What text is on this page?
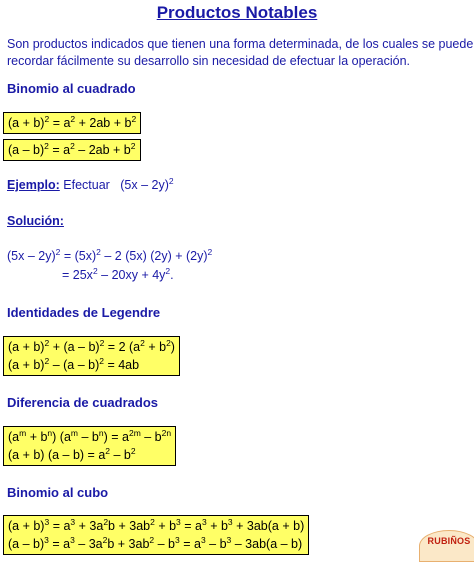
Productos Notables
Son productos indicados que tienen una forma determinada, de los cuales se puede
recordar fácilmente su desarrollo sin necesidad de efectuar la operación.
Binomio al cuadrado
$(a + b)^2 = a^2 + 2ab + b^2$
$(a - b)^2 = a^2 - 2ab + b^2$
Ejemplo: Efectuar   (5x – 2y)$^2$
Solución:
$(5x - 2y)^2 = (5x)^2 - 2$ (5x) $(2y) + (2y)^2$
= $25x^2 - 20xy + 4y^2$.
Identidades de Legendre
$(a + b)^2 + (a - b)^2 = 2$ $(a^2 + b^2)$
$(a + b)^2 - (a - b)^2 = 4ab$
Diferencia de cuadrados
$(a^m + b^n)$ $(a^m - b^n) = a^{2m} - b^{2n}$
(a + b) $(a - b) = a^2 - b^2$
Binomio al cubo
$(a + b)^3 = a^3 + 3a^2b + 3ab^2 + b^3 = a^3 + b^3 + 3ab(a + b)$
$(a - b)^3 = a^3 - 3a^2b + 3ab^2 - b^3 = a^3 - b^3 - 3ab(a - b)$	RUBIÑOS
